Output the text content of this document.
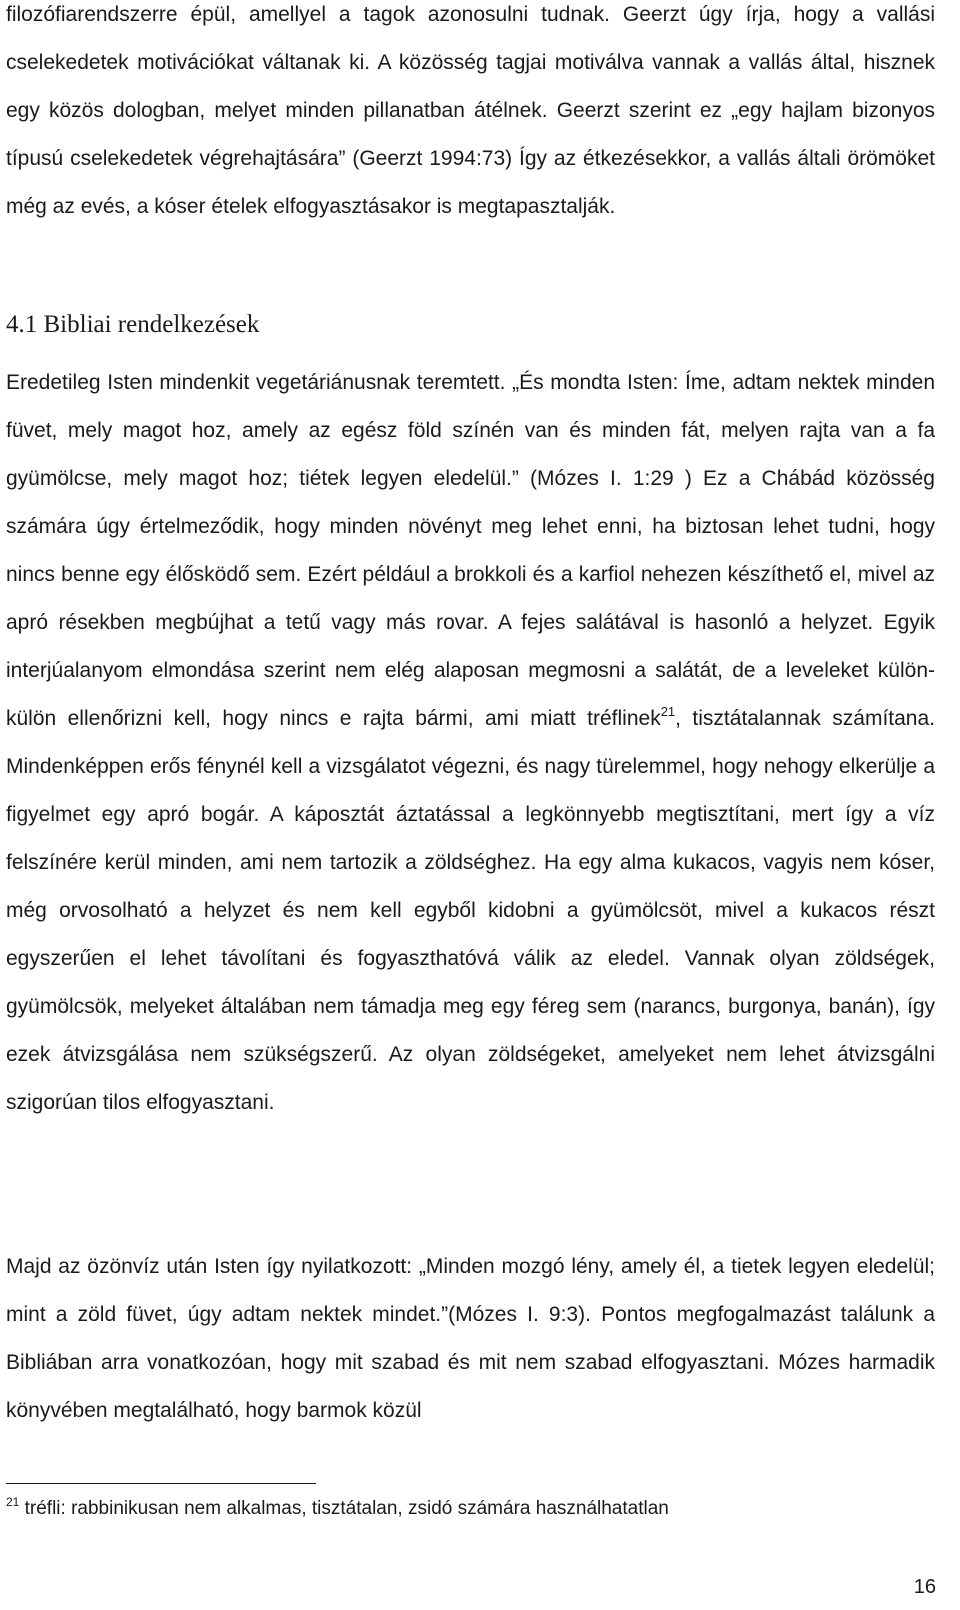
filozófiarendszerre épül, amellyel a tagok azonosulni tudnak. Geerzt úgy írja, hogy a vallási cselekedetek motivációkat váltanak ki. A közösség tagjai motiválva vannak a vallás által, hisznek egy közös dologban, melyet minden pillanatban átélnek. Geerzt szerint ez „egy hajlam bizonyos típusú cselekedetek végrehajtására” (Geerzt 1994:73) Így az étkezésekkor, a vallás általi örömöket még az evés, a kóser ételek elfogyasztásakor is megtapasztalják.

4.1 Bibliai rendelkezések

Eredetileg Isten mindenkit vegetáriánusnak teremtett. „És mondta Isten: Íme, adtam nektek minden füvet, mely magot hoz, amely az egész föld színén van és minden fát, melyen rajta van a fa gyümölcse, mely magot hoz; tiétek legyen eledelül.” (Mózes I. 1:29 ) Ez a Chábád közösség számára úgy értelmeződik, hogy minden növényt meg lehet enni, ha biztosan lehet tudni, hogy nincs benne egy élősködő sem. Ezért például a brokkoli és a karfiol nehezen készíthető el, mivel az apró résekben megbújhat a tetű vagy más rovar. A fejes salátával is hasonló a helyzet. Egyik interjúalanyom elmondása szerint nem elég alaposan megmosni a salátát, de a leveleket külön-külön ellenőrizni kell, hogy nincs e rajta bármi, ami miatt tréflinek$^{21}$, tisztátalannak számítana. Mindenképpen erős fénynél kell a vizsgálatot végezni, és nagy türelemmel, hogy nehogy elkerülje a figyelmet egy apró bogár. A káposztát áztatással a legkönnyebb megtisztítani, mert így a víz felszínére kerül minden, ami nem tartozik a zöldséghez. Ha egy alma kukacos, vagyis nem kóser, még orvosolható a helyzet és nem kell egyből kidobni a gyümölcsöt, mivel a kukacos részt egyszerűen el lehet távolítani és fogyaszthatóvá válik az eledel. Vannak olyan zöldségek, gyümölcsök, melyeket általában nem támadja meg egy féreg sem (narancs, burgonya, banán), így ezek átvizsgálása nem szükségszerű. Az olyan zöldségeket, amelyeket nem lehet átvizsgálni szigorúan tilos elfogyasztani.

Majd az özönvíz után Isten így nyilatkozott: „Minden mozgó lény, amely él, a tietek legyen eledelül; mint a zöld füvet, úgy adtam nektek mindet.”(Mózes I. 9:3). Pontos megfogalmazást találunk a Bibliában arra vonatkozóan, hogy mit szabad és mit nem szabad elfogyasztani. Mózes harmadik könyvében megtalálható, hogy barmok közül

$^{21}$ tréfli: rabbinikusan nem alkalmas, tisztátalan, zsidó számára használhatatlan

16
